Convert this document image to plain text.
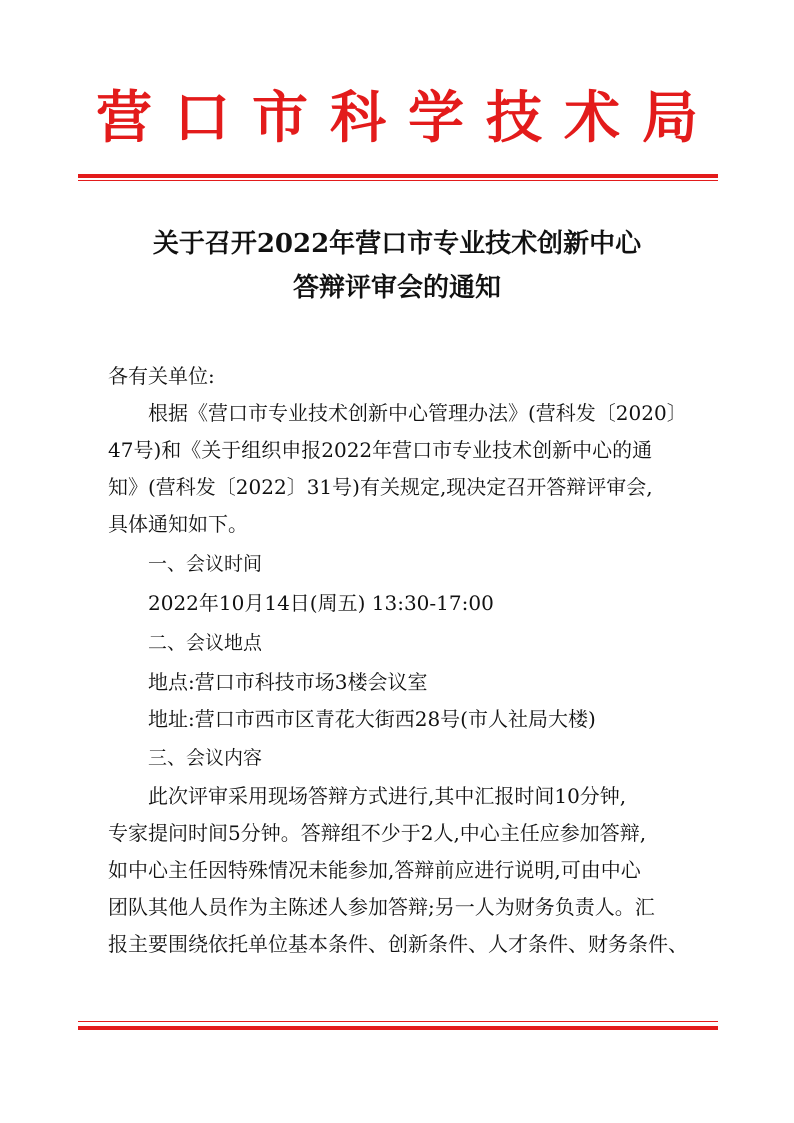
营口市科学技术局
关于召开2022年营口市专业技术创新中心
答辩评审会的通知
各有关单位:
根据《营口市专业技术创新中心管理办法》(营科发〔2020〕
47号)和《关于组织申报2022年营口市专业技术创新中心的通
知》(营科发〔2022〕31号)有关规定,现决定召开答辩评审会,
具体通知如下。
一、会议时间
2022年10月14日(周五) 13:30-17:00
二、会议地点
地点:营口市科技市场3楼会议室
地址:营口市西市区青花大街西28号(市人社局大楼)
三、会议内容
此次评审采用现场答辩方式进行,其中汇报时间10分钟,
专家提问时间5分钟。答辩组不少于2人,中心主任应参加答辩,
如中心主任因特殊情况未能参加,答辩前应进行说明,可由中心
团队其他人员作为主陈述人参加答辩;另一人为财务负责人。汇
报主要围绕依托单位基本条件、创新条件、人才条件、财务条件、
